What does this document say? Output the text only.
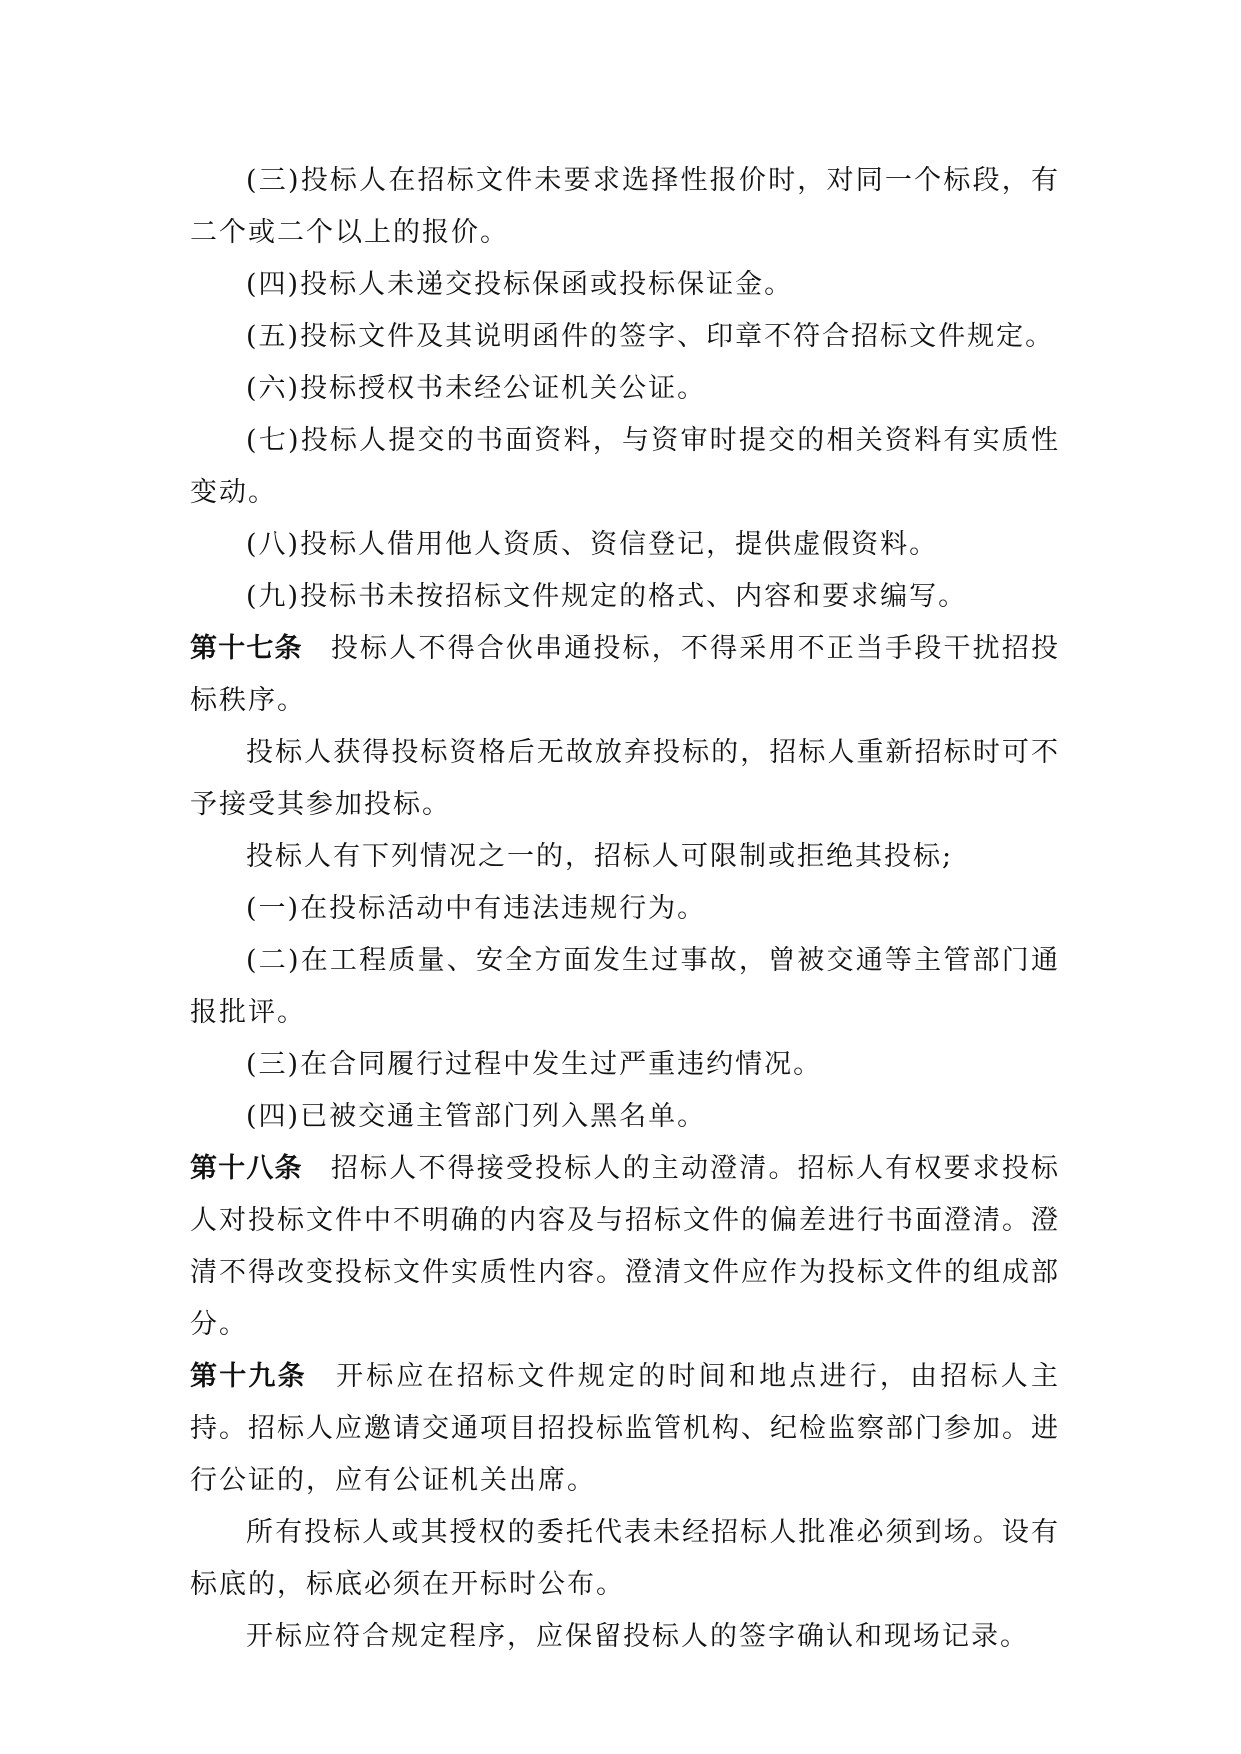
(三)投标人在招标文件未要求选择性报价时，对同一个标段，有二个或二个以上的报价。

(四)投标人未递交投标保函或投标保证金。

(五)投标文件及其说明函件的签字、印章不符合招标文件规定。

(六)投标授权书未经公证机关公证。

(七)投标人提交的书面资料，与资审时提交的相关资料有实质性变动。

(八)投标人借用他人资质、资信登记，提供虚假资料。

(九)投标书未按招标文件规定的格式、内容和要求编写。

第十七条 投标人不得合伙串通投标，不得采用不正当手段干扰招投标秩序。

投标人获得投标资格后无故放弃投标的，招标人重新招标时可不予接受其参加投标。

投标人有下列情况之一的，招标人可限制或拒绝其投标;

(一)在投标活动中有违法违规行为。

(二)在工程质量、安全方面发生过事故，曾被交通等主管部门通报批评。

(三)在合同履行过程中发生过严重违约情况。

(四)已被交通主管部门列入黑名单。

第十八条 招标人不得接受投标人的主动澄清。招标人有权要求投标人对投标文件中不明确的内容及与招标文件的偏差进行书面澄清。澄清不得改变投标文件实质性内容。澄清文件应作为投标文件的组成部分。

第十九条 开标应在招标文件规定的时间和地点进行，由招标人主持。招标人应邀请交通项目招投标监管机构、纪检监察部门参加。进行公证的，应有公证机关出席。

所有投标人或其授权的委托代表未经招标人批准必须到场。设有标底的，标底必须在开标时公布。

开标应符合规定程序，应保留投标人的签字确认和现场记录。
